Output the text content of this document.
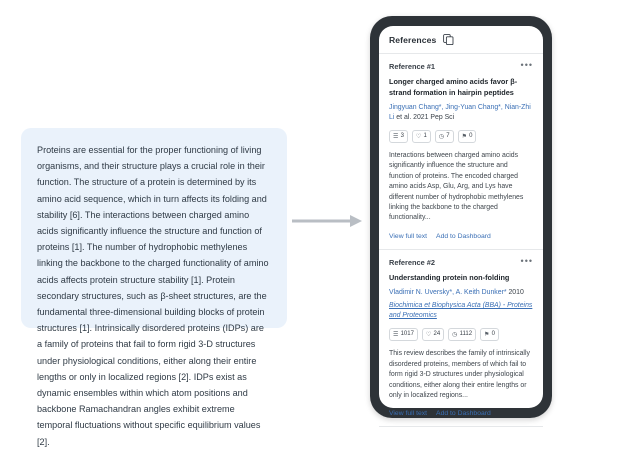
Proteins are essential for the proper functioning of living organisms, and their structure plays a crucial role in their function. The structure of a protein is determined by its amino acid sequence, which in turn affects its folding and stability [6]. The interactions between charged amino acids significantly influence the structure and function of proteins [1]. The number of hydrophobic methylenes linking the backbone to the charged functionality of amino acids affects protein structure stability [1]. Protein secondary structures, such as β-sheet structures, are the fundamental three-dimensional building blocks of protein structures [1]. Intrinsically disordered proteins (IDPs) are a family of proteins that fail to form rigid 3-D structures under physiological conditions, either along their entire lengths or only in localized regions [2]. IDPs exist as dynamic ensembles within which atom positions and backbone Ramachandran angles exhibit extreme temporal fluctuations without specific equilibrium values [2].

References
Reference #1	•••
Longer charged amino acids favor β-strand formation in hairpin peptides
Jingyuan Chang*, Jing-Yuan Chang*, Nian-Zhi Li et al. 2021 Pep Sci
☰ 3 ♡ 1 ◷ 7 ⚑ 0
Interactions between charged amino acids significantly influence the structure and function of proteins. The encoded charged amino acids Asp, Glu, Arg, and Lys have different number of hydrophobic methylenes linking the backbone to the charged functionality...
View full text Add to Dashboard
Reference #2	•••
Understanding protein non-folding
Vladimir N. Uversky*, A. Keith Dunker* 2010
Biochimica et Biophysica Acta (BBA) - Proteins and Proteomics
☰ 1017 ♡ 24 ◷ 1112 ⚑ 0
This review describes the family of intrinsically disordered proteins, members of which fail to form rigid 3-D structures under physiological conditions, either along their entire lengths or only in localized regions...
View full text Add to Dashboard
